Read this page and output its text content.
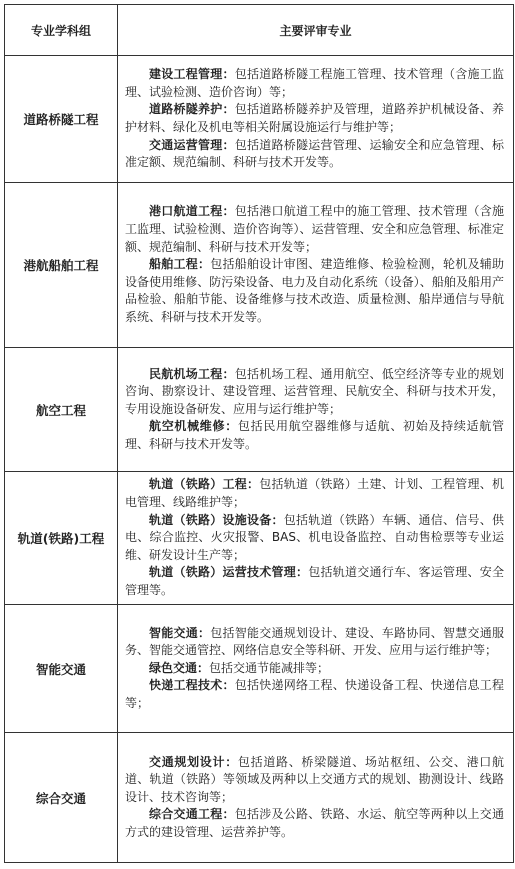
专业学科组	主要评审专业
道路桥隧工程	建设工程管理：包括道路桥隧工程施工管理、技术管理（含施工监理、试验检测、造价咨询）等；

道路桥隧养护：包括道路桥隧养护及管理，道路养护机械设备、养护材料、绿化及机电等相关附属设施运行与维护等；

交通运营管理：包括道路桥隧运营管理、运输安全和应急管理、标准定额、规范编制、科研与技术开发等。

港航船舶工程	港口航道工程：包括港口航道工程中的施工管理、技术管理（含施工监理、试验检测、造价咨询等）、运营管理、安全和应急管理、标准定额、规范编制、科研与技术开发等；

船舶工程：包括船舶设计审图、建造维修、检验检测，轮机及辅助设备使用维修、防污染设备、电力及自动化系统（设备）、船舶及船用产品检验、船舶节能、设备维修与技术改造、质量检测、船岸通信与导航系统、科研与技术开发等。

航空工程	民航机场工程：包括机场工程、通用航空、低空经济等专业的规划咨询、勘察设计、建设管理、运营管理、民航安全、科研与技术开发，专用设施设备研发、应用与运行维护等；

航空机械维修：包括民用航空器维修与适航、初始及持续适航管理、科研与技术开发等。

轨道(铁路)工程	轨道（铁路）工程：包括轨道（铁路）土建、计划、工程管理、机电管理、线路维护等；

轨道（铁路）设施设备：包括轨道（铁路）车辆、通信、信号、供电、综合监控、火灾报警、BAS、机电设备监控、自动售检票等专业运维、研发设计生产等；

轨道（铁路）运营技术管理：包括轨道交通行车、客运管理、安全管理等。

智能交通	智能交通：包括智能交通规划设计、建设、车路协同、智慧交通服务、智能交通管控、网络信息安全等科研、开发、应用与运行维护等；

绿色交通：包括交通节能减排等；

快递工程技术：包括快递网络工程、快递设备工程、快递信息工程等；

综合交通	交通规划设计：包括道路、桥梁隧道、场站枢纽、公交、港口航道、轨道（铁路）等领域及两种以上交通方式的规划、勘测设计、线路设计、技术咨询等；

综合交通工程：包括涉及公路、铁路、水运、航空等两种以上交通方式的建设管理、运营养护等。
